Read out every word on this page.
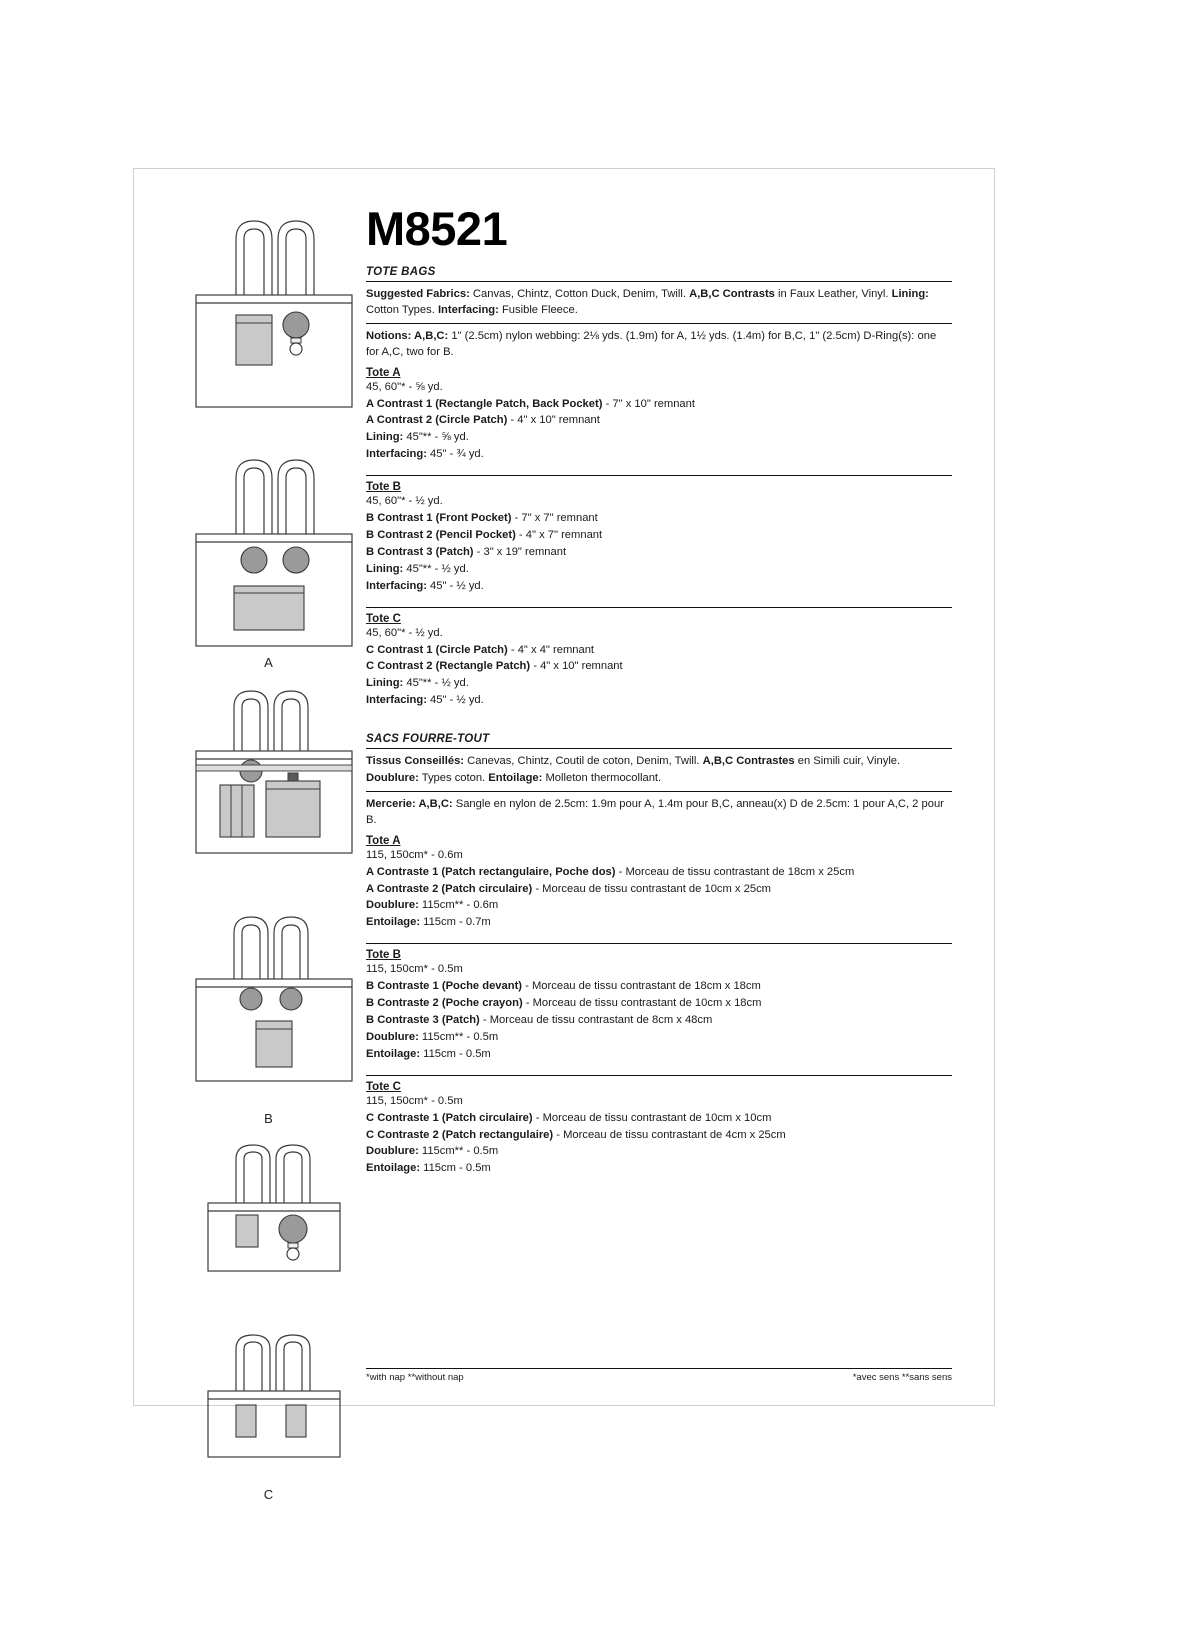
A
B
C
M8521
TOTE BAGS

Suggested Fabrics: Canvas, Chintz, Cotton Duck, Denim, Twill. A,B,C Contrasts in Faux Leather, Vinyl. Lining: Cotton Types. Interfacing: Fusible Fleece.

Notions: A,B,C: 1" (2.5cm) nylon webbing: 2⅛ yds. (1.9m) for A, 1½ yds. (1.4m) for B,C, 1" (2.5cm) D-Ring(s): one for A,C, two for B.

Tote A

45, 60"* - ⅝ yd.

A Contrast 1 (Rectangle Patch, Back Pocket) - 7" x 10" remnant

A Contrast 2 (Circle Patch) - 4" x 10" remnant

Lining: 45"** - ⅝ yd.

Interfacing: 45" - ¾ yd.

Tote B

45, 60"* - ½ yd.

B Contrast 1 (Front Pocket) - 7" x 7" remnant

B Contrast 2 (Pencil Pocket) - 4" x 7" remnant

B Contrast 3 (Patch) - 3" x 19" remnant

Lining: 45"** - ½ yd.

Interfacing: 45" - ½ yd.

Tote C

45, 60"* - ½ yd.

C Contrast 1 (Circle Patch) - 4" x 4" remnant

C Contrast 2 (Rectangle Patch) - 4" x 10" remnant

Lining: 45"** - ½ yd.

Interfacing: 45" - ½ yd.

SACS FOURRE-TOUT

Tissus Conseillés: Canevas, Chintz, Coutil de coton, Denim, Twill. A,B,C Contrastes en Simili cuir, Vinyle.

Doublure: Types coton. Entoilage: Molleton thermocollant.

Mercerie: A,B,C: Sangle en nylon de 2.5cm: 1.9m pour A, 1.4m pour B,C, anneau(x) D de 2.5cm: 1 pour A,C, 2 pour B.

Tote A

115, 150cm* - 0.6m

A Contraste 1 (Patch rectangulaire, Poche dos) - Morceau de tissu contrastant de 18cm x 25cm

A Contraste 2 (Patch circulaire) - Morceau de tissu contrastant de 10cm x 25cm

Doublure: 115cm** - 0.6m

Entoilage: 115cm - 0.7m

Tote B

115, 150cm* - 0.5m

B Contraste 1 (Poche devant) - Morceau de tissu contrastant de 18cm x 18cm

B Contraste 2 (Poche crayon) - Morceau de tissu contrastant de 10cm x 18cm

B Contraste 3 (Patch) - Morceau de tissu contrastant de 8cm x 48cm

Doublure: 115cm** - 0.5m

Entoilage: 115cm - 0.5m

Tote C

115, 150cm* - 0.5m

C Contraste 1 (Patch circulaire) - Morceau de tissu contrastant de 10cm x 10cm

C Contraste 2 (Patch rectangulaire) - Morceau de tissu contrastant de 4cm x 25cm

Doublure: 115cm** - 0.5m

Entoilage: 115cm - 0.5m

*with nap **without nap	*avec sens **sans sens
